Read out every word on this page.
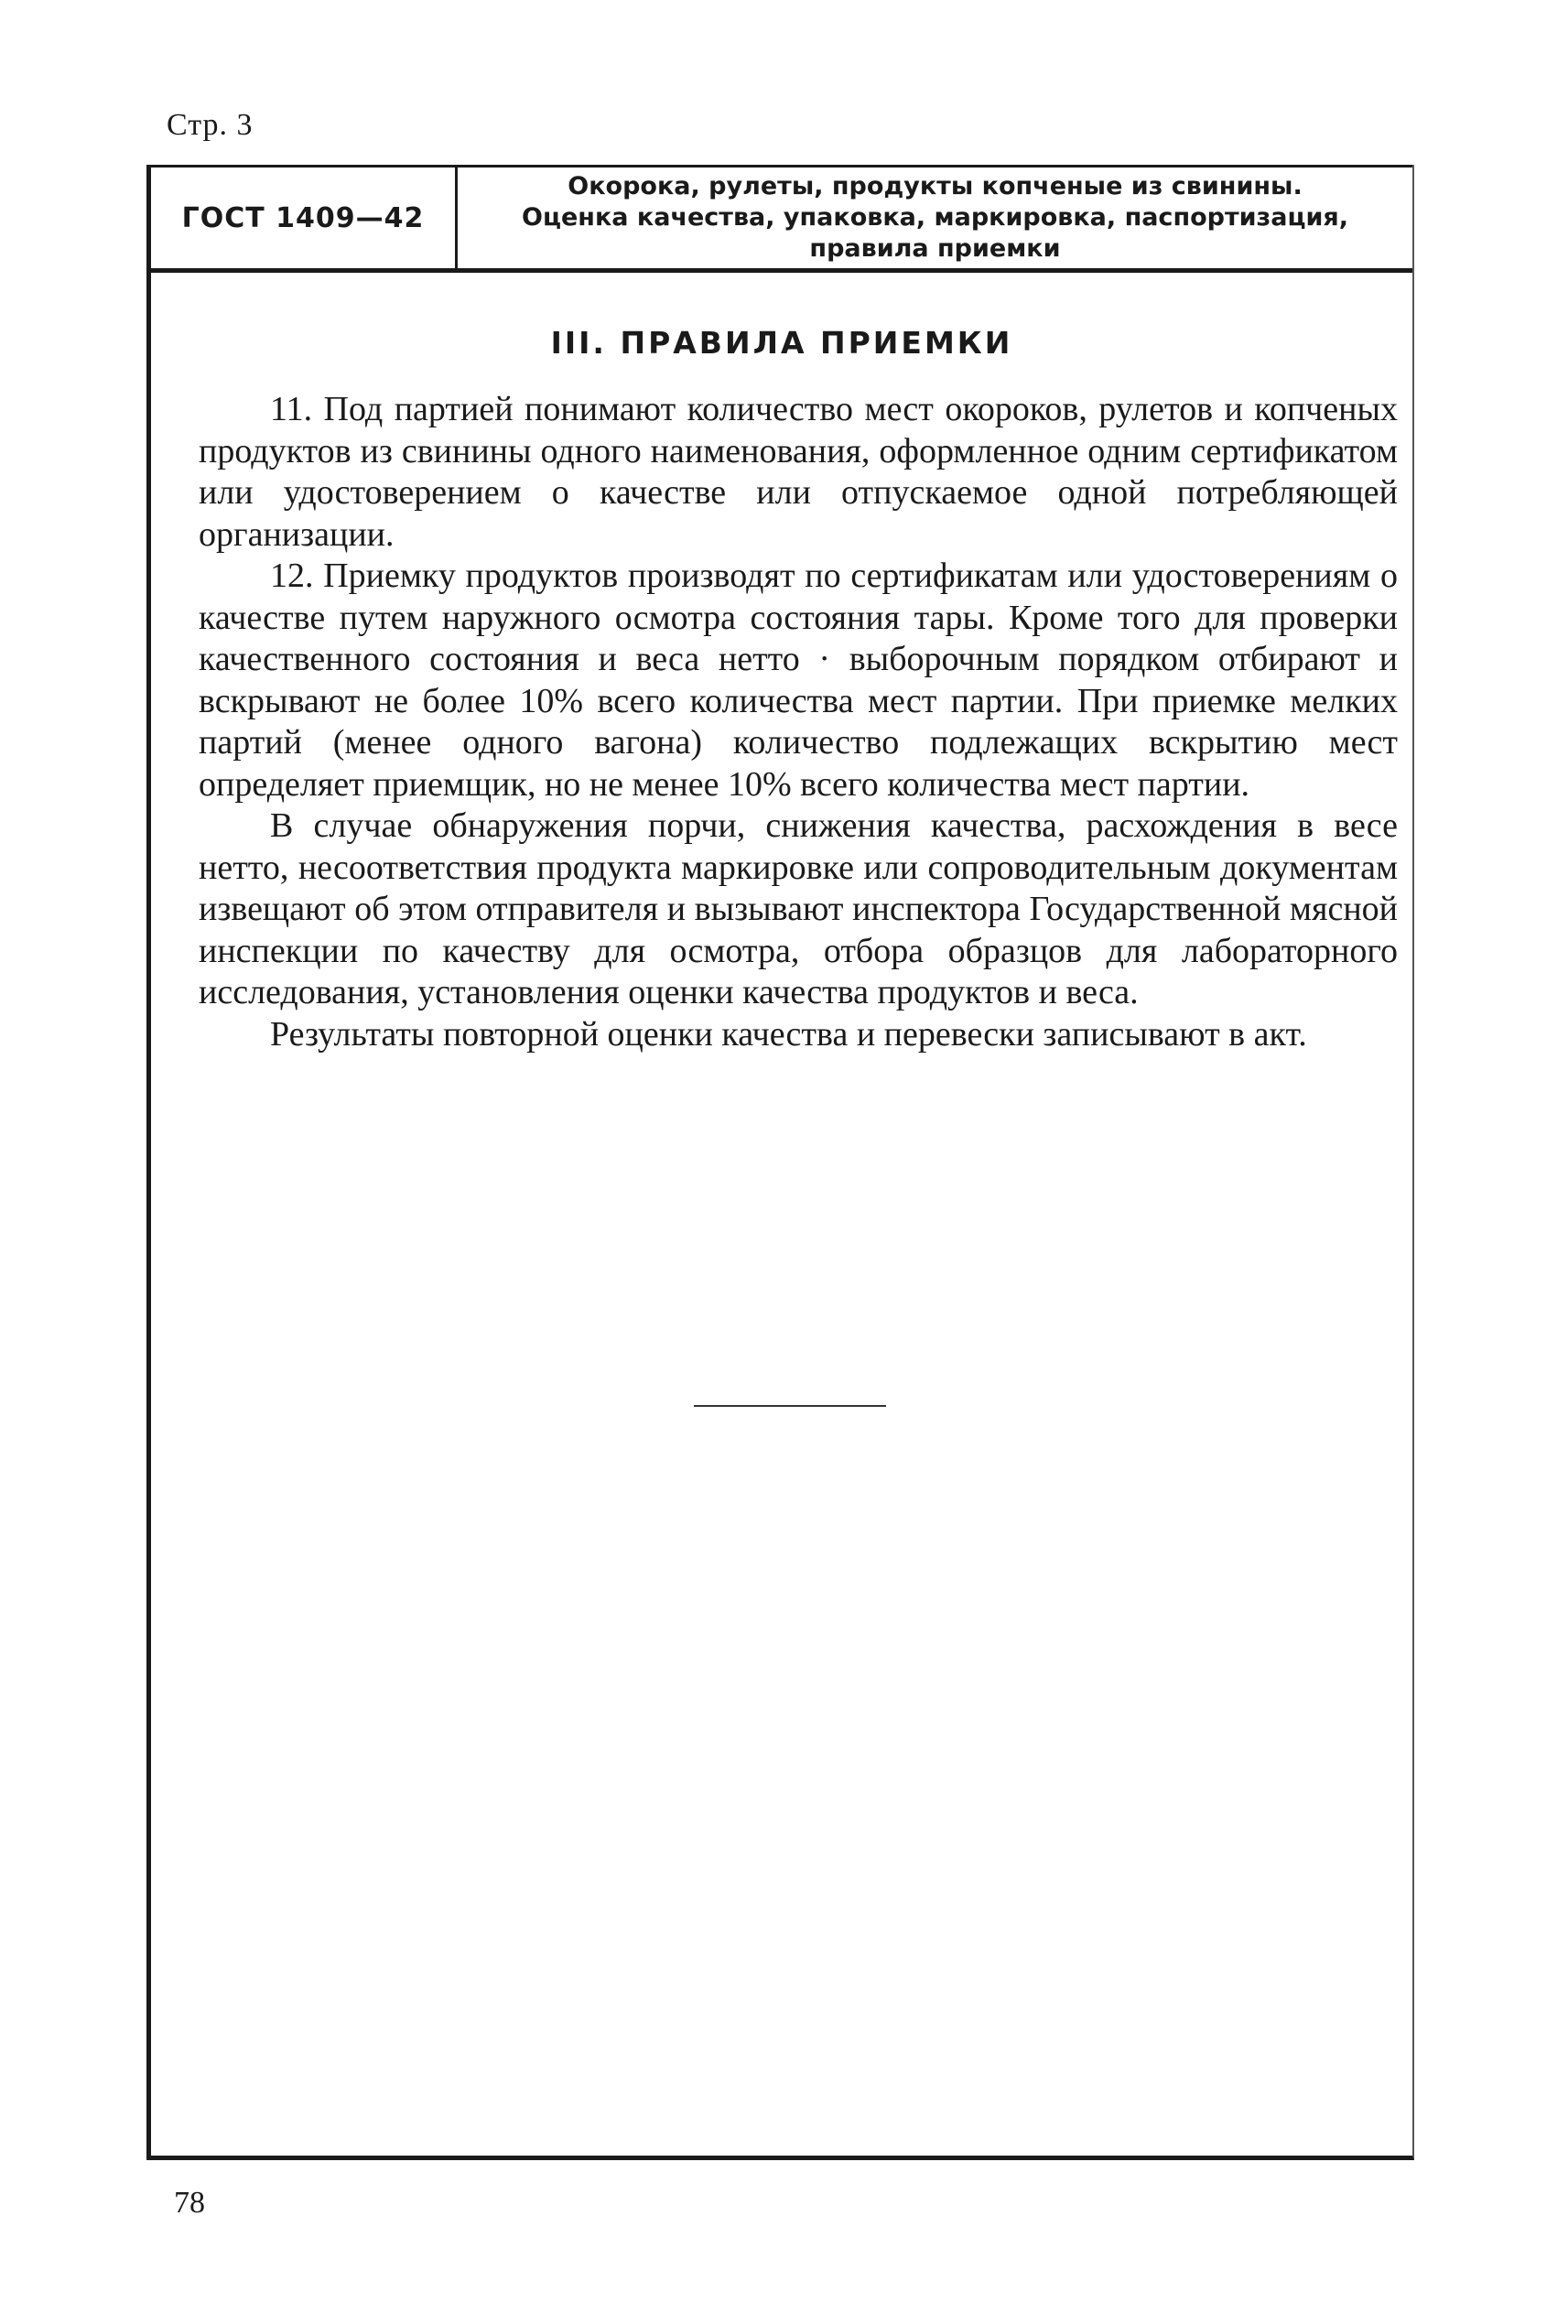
Стр. 3
ГОСТ 1409—42
Окорока, рулеты, продукты копченые из свинины.
Оценка качества, упаковка, маркировка, паспортизация,
правила приемки
III. ПРАВИЛА ПРИЕМКИ

11. Под партией понимают количество мест окороков, рулетов и копченых продуктов из свинины одного наименования, оформленное одним сертификатом или удостоверением о качестве или отпускаемое одной потребляющей организации.

12. Приемку продуктов производят по сертификатам или удостоверениям о качестве путем наружного осмотра состояния тары. Кроме того для проверки качественного состояния и веса нетто · выборочным порядком отбирают и вскрывают не более 10% всего количества мест партии. При приемке мелких партий (менее одного вагона) количество подлежащих вскрытию мест определяет приемщик, но не менее 10% всего количества мест партии.

В случае обнаружения порчи, снижения качества, расхождения в весе нетто, несоответствия продукта маркировке или сопроводительным документам извещают об этом отправителя и вызывают инспектора Государственной мясной инспекции по качеству для осмотра, отбора образцов для лабораторного исследования, установления оценки качества продуктов и веса.

Результаты повторной оценки качества и перевески записывают в акт.

78
